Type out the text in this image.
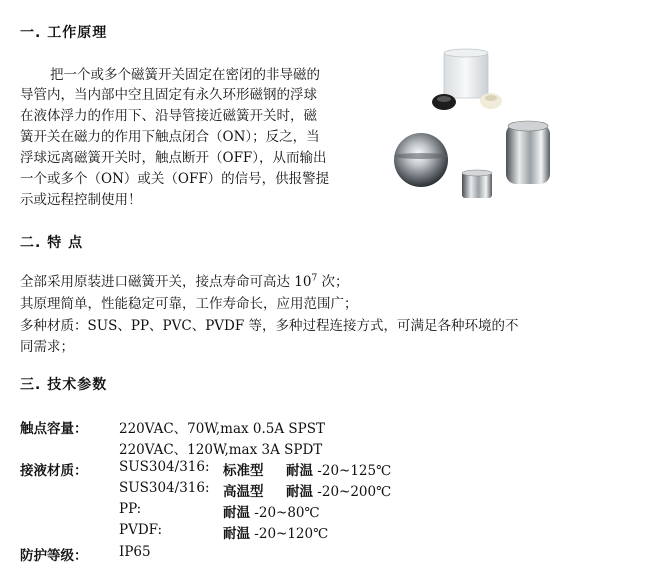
一. 工作原理
把一个或多个磁簧开关固定在密闭的非导磁的
导管内，当内部中空且固定有永久环形磁钢的浮球
在液体浮力的作用下、沿导管接近磁簧开关时，磁
簧开关在磁力的作用下触点闭合（ON）；反之，当
浮球远离磁簧开关时，触点断开（OFF），从而输出
一个或多个（ON）或关（OFF）的信号，供报警提
示或远程控制使用！
二. 特 点
全部采用原装进口磁簧开关，接点寿命可高达 $10^7$ 次；
其原理简单，性能稳定可靠，工作寿命长，应用范围广；
多种材质：SUS、PP、PVC、PVDF 等，多种过程连接方式，可满足各种环境的不
同需求；
三. 技术参数
触点容量： 220VAC、70W,max 0.5A SPST
220VAC、120W,max 3A SPDT
接液材质： SUS304/316: 标准型 耐温 -20~125℃
SUS304/316: 高温型 耐温 -20~200℃
PP:	耐温 -20~80℃
PVDF:	耐温 -20~120℃
防护等级： IP65
